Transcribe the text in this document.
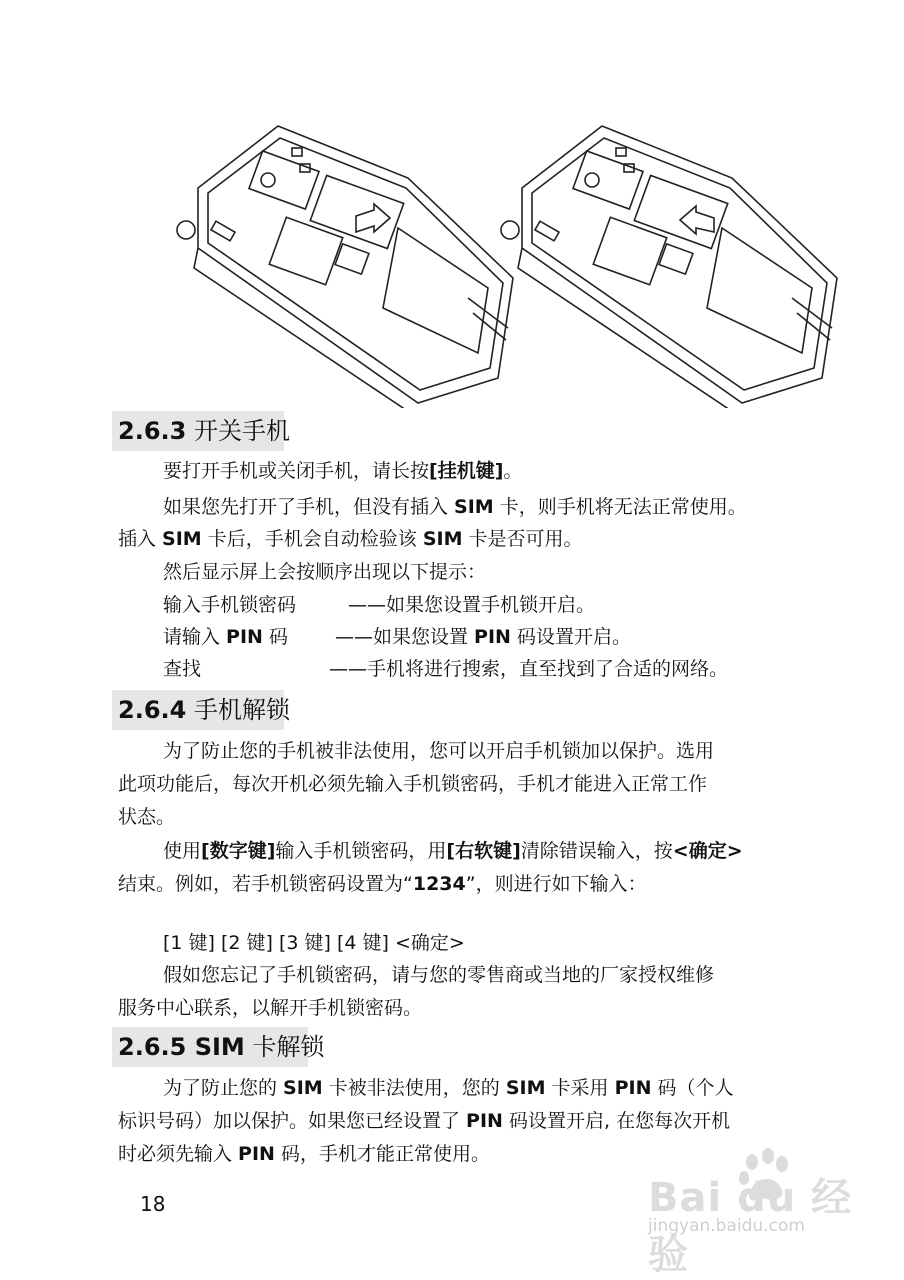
2.6.3 开关手机
要打开手机或关闭手机，请长按[挂机键]。
如果您先打开了手机，但没有插入 SIM 卡，则手机将无法正常使用。
插入 SIM 卡后，手机会自动检验该 SIM 卡是否可用。
然后显示屏上会按顺序出现以下提示：
输入手机锁密码	——如果您设置手机锁开启。
请输入 PIN 码 ——如果您设置 PIN 码设置开启。
查找	——手机将进行搜索，直至找到了合适的网络。
2.6.4 手机解锁
为了防止您的手机被非法使用，您可以开启手机锁加以保护。选用
此项功能后，每次开机必须先输入手机锁密码，手机才能进入正常工作
状态。
使用[数字键]输入手机锁密码，用[右软键]清除错误输入，按<确定>
结束。例如，若手机锁密码设置为“1234”，则进行如下输入：
[1 键] [2 键] [3 键] [4 键] <确定>
假如您忘记了手机锁密码，请与您的零售商或当地的厂家授权维修
服务中心联系，以解开手机锁密码。
2.6.5 SIM 卡解锁
为了防止您的 SIM 卡被非法使用，您的 SIM 卡采用 PIN 码（个人
标识号码）加以保护。如果您已经设置了 PIN 码设置开启, 在您每次开机
时必须先输入 PIN 码，手机才能正常使用。
18	Bai du 经验
jingyan.baidu.com
